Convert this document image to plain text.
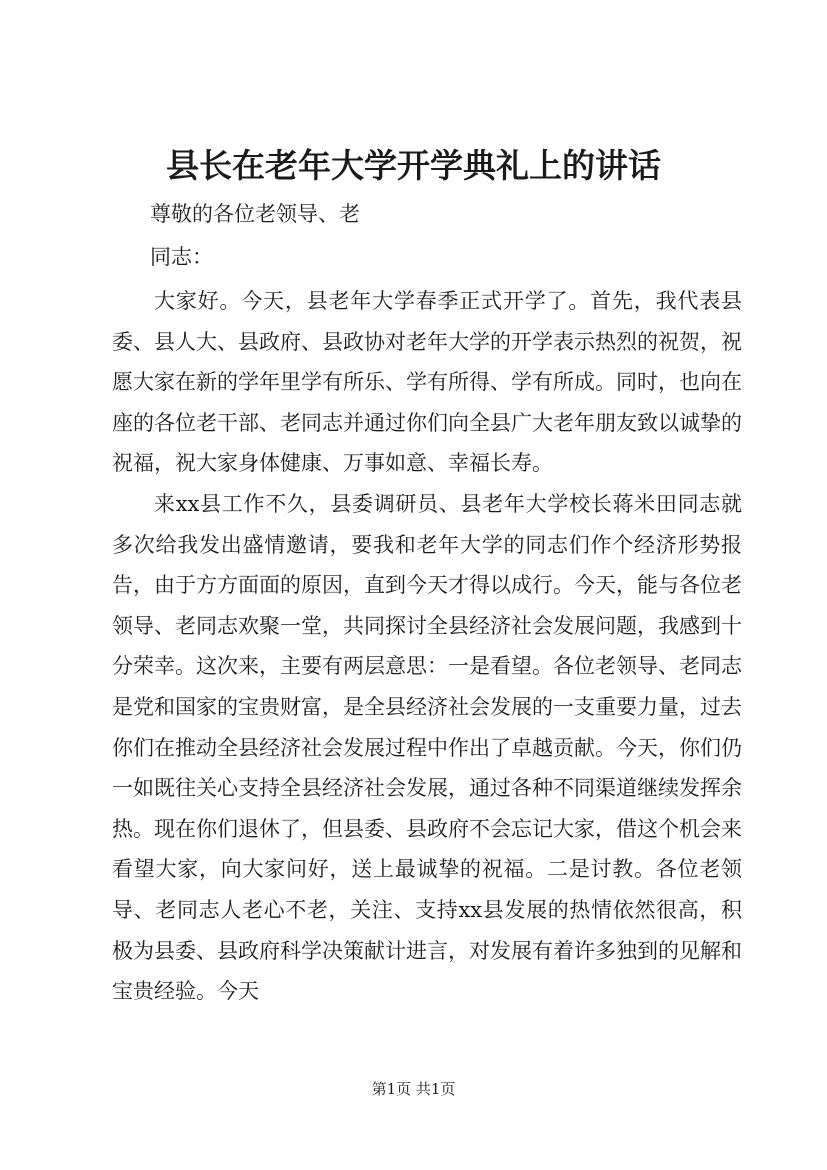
县长在老年大学开学典礼上的讲话
尊敬的各位老领导、老
同志：

大家好。今天，县老年大学春季正式开学了。首先，我代表县委、县人大、县政府、县政协对老年大学的开学表示热烈的祝贺，祝愿大家在新的学年里学有所乐、学有所得、学有所成。同时，也向在座的各位老干部、老同志并通过你们向全县广大老年朋友致以诚挚的祝福，祝大家身体健康、万事如意、幸福长寿。

来xx县工作不久，县委调研员、县老年大学校长蒋米田同志就多次给我发出盛情邀请，要我和老年大学的同志们作个经济形势报告，由于方方面面的原因，直到今天才得以成行。今天，能与各位老领导、老同志欢聚一堂，共同探讨全县经济社会发展问题，我感到十分荣幸。这次来，主要有两层意思：一是看望。各位老领导、老同志是党和国家的宝贵财富，是全县经济社会发展的一支重要力量，过去你们在推动全县经济社会发展过程中作出了卓越贡献。今天，你们仍一如既往关心支持全县经济社会发展，通过各种不同渠道继续发挥余热。现在你们退休了，但县委、县政府不会忘记大家，借这个机会来看望大家，向大家问好，送上最诚挚的祝福。二是讨教。各位老领导、老同志人老心不老，关注、支持xx县发展的热情依然很高，积极为县委、县政府科学决策献计进言，对发展有着许多独到的见解和宝贵经验。今天

第1页 共1页
